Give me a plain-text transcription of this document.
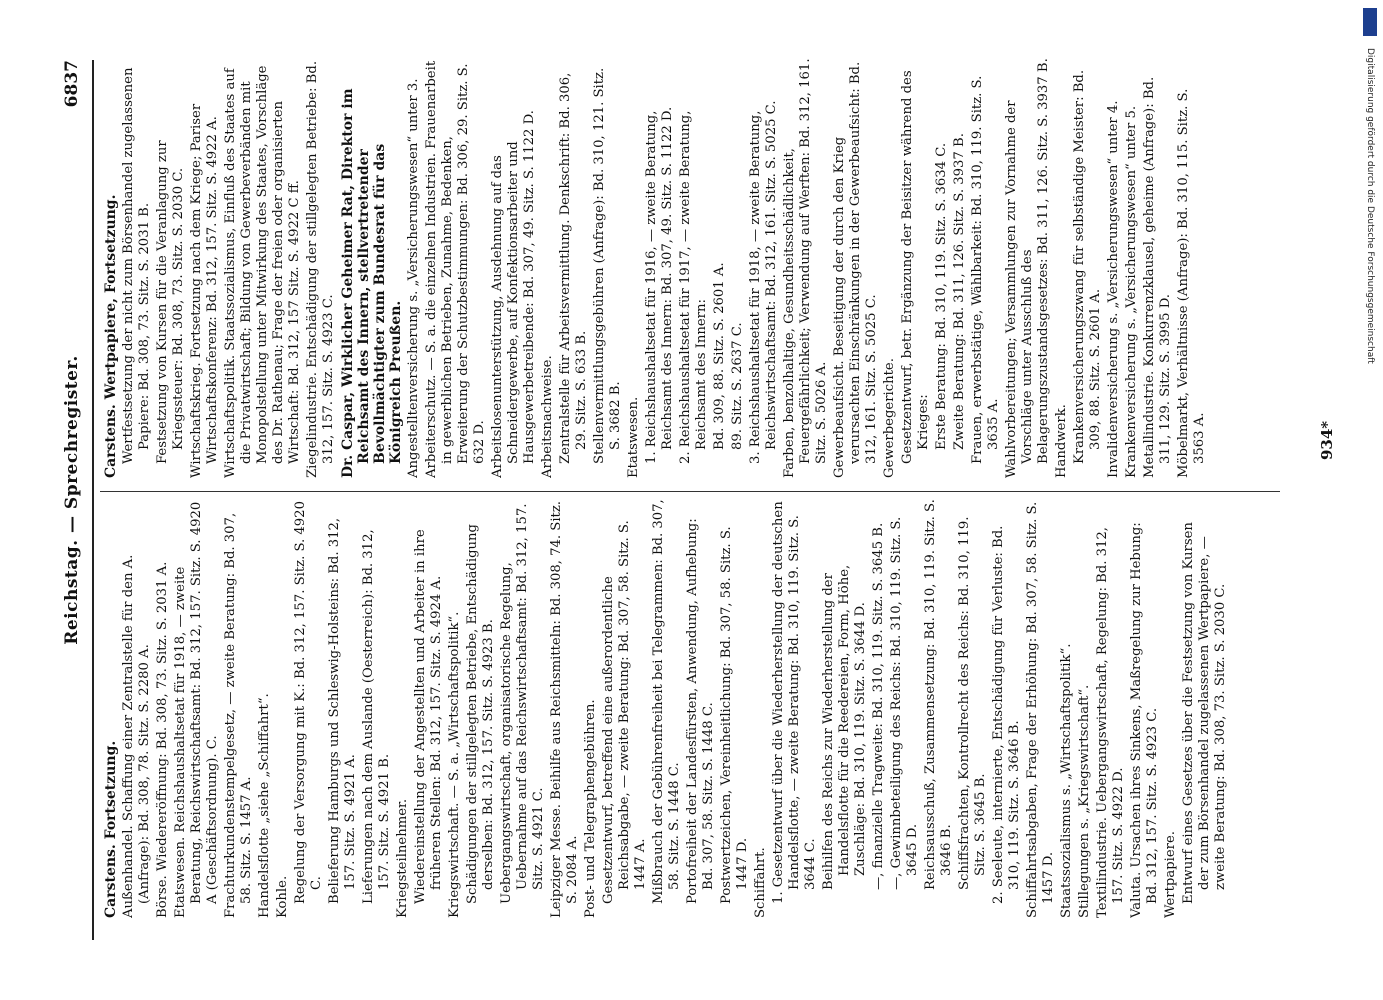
Reichstag. — Sprechregister.
6837
Carstens. Fortsetzung. Außenhandel. Schaffung einer Zentralstelle für den A. (Anfrage): Bd. 308, 78. Sitz. S. 2280 A. Börse. Wiedereröffnung: Bd. 308, 73. Sitz. S. 2031 A. Etatswesen. Reichshaushaltsetat für 1918, — zweite Beratung, Reichswirtschaftsamt: Bd. 312, 157. Sitz. S. 4920 A (Geschäftsordnung). C. Frachturkundenstempelgesetz, — zweite Beratung: Bd. 307, 58. Sitz. S. 1457 A. Handelsflotte „siehe „Schiffahrt“. Kohle. Regelung der Versorgung mit K.: Bd. 312, 157. Sitz. S. 4920 C. Belieferung Hamburgs und Schleswig-Holsteins: Bd. 312, 157. Sitz. S. 4921 A. Lieferungen nach dem Auslande (Oesterreich): Bd. 312, 157. Sitz. S. 4921 B. Kriegsteilnehmer. Wiedereinstellung der Angestellten und Arbeiter in ihre früheren Stellen: Bd. 312, 157. Sitz. S. 4924 A. Kriegswirtschaft. — S. a. „Wirtschaftspolitik“. Schädigungen der stillgelegten Betriebe, Entschädigung derselben: Bd. 312, 157. Sitz. S. 4923 B. Uebergangswirtschaft, organisatorische Regelung, Uebernahme auf das Reichswirtschaftsamt: Bd. 312, 157. Sitz. S. 4921 C. Leipziger Messe. Beihilfe aus Reichsmitteln: Bd. 308, 74. Sitz. S. 2084 A. Post- und Telegraphengebühren. Gesetzentwurf, betreffend eine außerordentliche Reichsabgabe, — zweite Beratung: Bd. 307, 58. Sitz. S. 1447 A. Mißbrauch der Gebührenfreiheit bei Telegrammen: Bd. 307, 58. Sitz. S. 1448 C. Portofreiheit der Landesfürsten, Anwendung, Aufhebung: Bd. 307, 58. Sitz. S. 1448 C. Postwertzeichen, Vereinheitlichung: Bd. 307, 58. Sitz. S. 1447 D. Schiffahrt. 1. Gesetzentwurf über die Wiederherstellung der deutschen Handelsflotte, — zweite Beratung: Bd. 310, 119. Sitz. S. 3644 C. Beihilfen des Reichs zur Wiederherstellung der Handelsflotte für die Reedereien, Form, Höhe, Zuschläge: Bd. 310, 119. Sitz. S. 3644 D. —, finanzielle Tragweite: Bd. 310, 119. Sitz. S. 3645 B. —, Gewinnbeteiligung des Reichs: Bd. 310, 119. Sitz. S. 3645 D. Reichsausschuß, Zusammensetzung: Bd. 310, 119. Sitz. S. 3646 B. Schiffsfrachten, Kontrollrecht des Reichs: Bd. 310, 119. Sitz. S. 3645 B. 2. Seeleute, internierte, Entschädigung für Verluste: Bd. 310, 119. Sitz. S. 3646 B. Schiffahrtsabgaben, Frage der Erhöhung: Bd. 307, 58. Sitz. S. 1457 D. Staatssozialismus s. „Wirtschaftspolitik“. Stillegungen s. „Kriegswirtschaft“. Textilindustrie. Uebergangswirtschaft, Regelung: Bd. 312, 157. Sitz. S. 4922 D. Valuta. Ursachen ihres Sinkens, Maßregelung zur Hebung: Bd. 312, 157. Sitz. S. 4923 C. Wertpapiere. Entwurf eines Gesetzes über die Festsetzung von Kursen der zum Börsenhandel zugelassenen Wertpapiere, — zweite Beratung: Bd. 308, 73. Sitz. S. 2030 C.
Carstens. Wertpapiere, Fortsetzung. Wertfestsetzung der nicht zum Börsenhandel zugelassenen Papiere: Bd. 308, 73. Sitz. S. 2031 B. Festsetzung von Kursen für die Veranlagung zur Kriegssteuer: Bd. 308, 73. Sitz. S. 2030 C. Wirtschaftskrieg. Fortsetzung nach dem Kriege; Pariser Wirtschaftskonferenz: Bd. 312, 157. Sitz. S. 4922 A. Wirtschaftspolitik. Staatssozialismus, Einfluß des Staates auf die Privatwirtschaft; Bildung von Gewerbeverbänden mit Monopolstellung unter Mitwirkung des Staates, Vorschläge des Dr. Rathenau; Frage der freien oder organisierten Wirtschaft: Bd. 312, 157 Sitz. S. 4922 C ff. Ziegelindustrie. Entschädigung der stillgelegten Betriebe: Bd. 312, 157. Sitz. S. 4923 C. Dr. Caspar, Wirklicher Geheimer Rat, Direktor im Reichsamt des Innern, stellvertretender Bevollmächtigter zum Bundesrat für das Königreich Preußen. Angestelltenversicherung s. „Versicherungswesen“ unter 3. Arbeiterschutz. — S. a. die einzelnen Industrien. Frauenarbeit in gewerblichen Betrieben, Zunahme, Bedenken, Erweiterung der Schutzbestimmungen: Bd. 306, 29. Sitz. S. 632 D. Arbeitslosenunterstützung, Ausdehnung auf das Schneidergewerbe, auf Konfektionsarbeiter und Hausgewerbetreibende: Bd. 307, 49. Sitz. S. 1122 D. Arbeitsnachweise. Zentralstelle für Arbeitsvermittlung. Denkschrift: Bd. 306, 29. Sitz. S. 633 B. Stellenvermittlungsgebühren (Anfrage): Bd. 310, 121. Sitz. S. 3682 B. Etatswesen. 1. Reichshaushaltsetat für 1916, — zweite Beratung, Reichsamt des Innern: Bd. 307, 49. Sitz. S. 1122 D. 2. Reichshaushaltsetat für 1917, — zweite Beratung, Reichsamt des Innern: Bd. 309, 88. Sitz. S. 2601 A. 89. Sitz. S. 2637 C. 3. Reichshaushaltsetat für 1918, — zweite Beratung, Reichswirtschaftsamt: Bd. 312, 161. Sitz. S. 5025 C. Farben, benzolhaltige, Gesundheitsschädlichkeit, Feuergefährlichkeit; Verwendung auf Werften: Bd. 312, 161. Sitz. S. 5026 A. Gewerbeaufsicht. Beseitigung der durch den Krieg verursachten Einschränkungen in der Gewerbeaufsicht: Bd. 312, 161. Sitz. S. 5025 C. Gewerbegerichte. Gesetzentwurf, betr. Ergänzung der Beisitzer während des Krieges: Erste Beratung: Bd. 310, 119. Sitz. S. 3634 C. Zweite Beratung: Bd. 311, 126. Sitz. S. 3937 B. Frauen, erwerbstätige, Wählbarkeit: Bd. 310, 119. Sitz. S. 3635 A. Wahlvorbereitungen; Versammlungen zur Vornahme der Vorschläge unter Ausschluß des Belagerungszustandsgesetzes: Bd. 311, 126. Sitz. S. 3937 B. Handwerk. Krankenversicherungszwang für selbständige Meister: Bd. 309, 88. Sitz. S. 2601 A. Invalidenversicherung s. „Versicherungswesen“ unter 4. Krankenversicherung s. „Versicherungswesen“ unter 5. Metallindustrie. Konkurrenzklausel, geheime (Anfrage): Bd. 311, 129. Sitz. S. 3995 D. Möbelmarkt, Verhältnisse (Anfrage): Bd. 310, 115. Sitz. S. 3563 A.	934*
DFG
Digitalisierung gefördert durch die Deutsche Forschungsgemeinschaft
